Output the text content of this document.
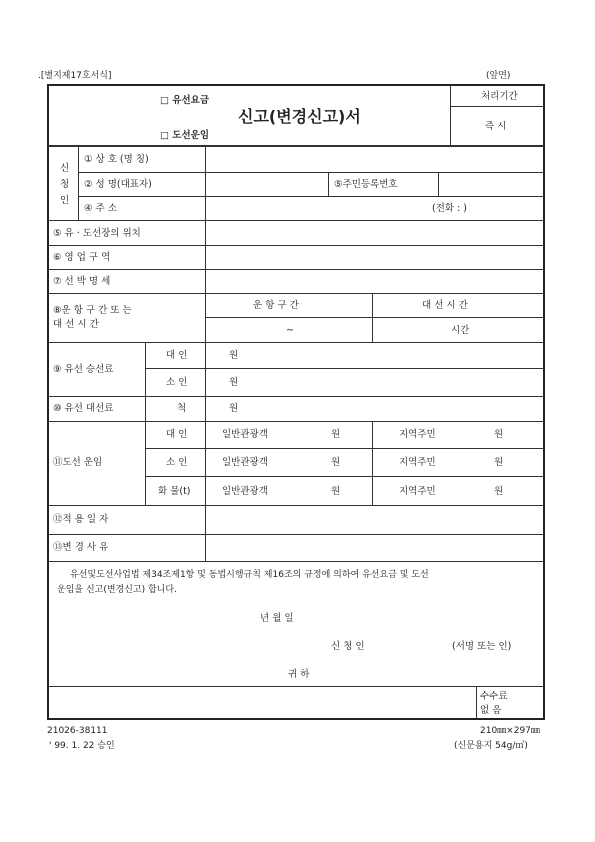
.[별지제17호서식]	(앞면)
□ 유선요금
□ 도선운임
신고(변경신고)서
처리기간
즉 시
신
청
인
① 상 호 (명 칭)
② 성 명(대표자)	⑤주민등록번호
④ 주 소	(전화 : )
⑤ 유 · 도선장의 위치
⑥ 영 업 구 역
⑦ 선 박 명 세
⑧운 항 구 간 또 는
대 선 시 간
운 항 구 간	대 선 시 간
~	시간
⑨ 유선 승선료
대 인	원
소 인	원
⑩ 유선 대선료	척	원
⑪도선 운임
대 인	일반관광객	원	지역주민	원
소 인	일반관광객	원	지역주민	원
화 물(t)	일반관광객	원	지역주민	원
⑫적 용 일 자
⑬변 경 사 유
유선및도선사업법 제34조제1항 및 동법시행규칙 제16조의 규정에 의하여 유선요금 및 도선
운임을 신고(변경신고) 합니다.
년 월 일
신 청 인	(서명 또는 인)
귀 하
수수료
없 음
21026-38111
' 99. 1. 22 승인
210㎜×297㎜
(신문용지 54g/㎡)
